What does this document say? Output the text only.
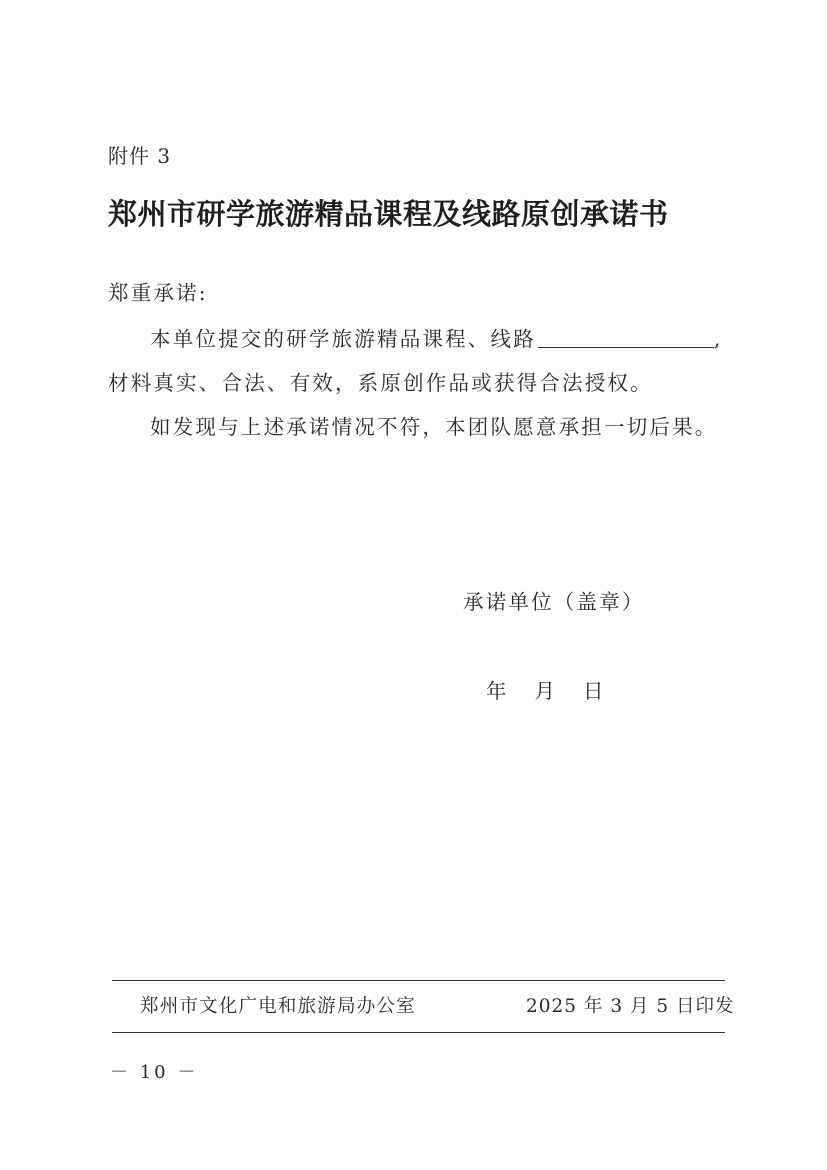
附件 3
郑州市研学旅游精品课程及线路原创承诺书
郑重承诺:
本单位提交的研学旅游精品课程、线路	,
材料真实、合法、有效，系原创作品或获得合法授权。
如发现与上述承诺情况不符，本团队愿意承担一切后果。
承诺单位（盖章）
年 月 日
郑州市文化广电和旅游局办公室	2025 年 3 月 5 日印发
－ 10 －
